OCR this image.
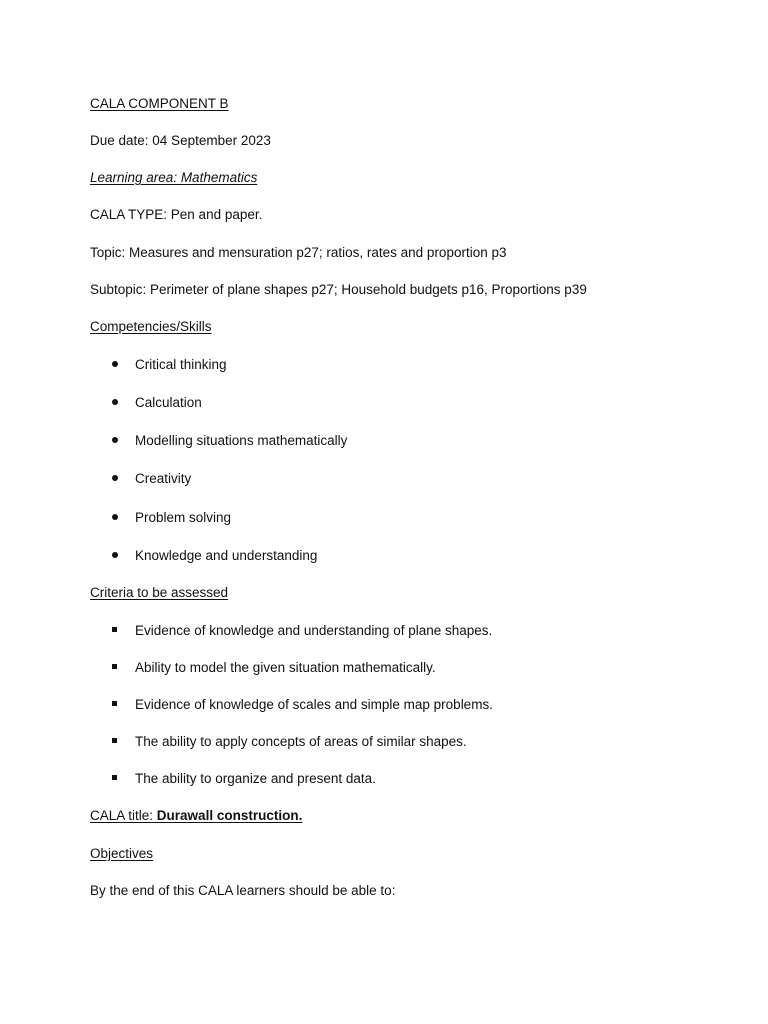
CALA COMPONENT B
Due date: 04 September 2023
Learning area: Mathematics
CALA TYPE: Pen and paper.
Topic: Measures and mensuration p27; ratios, rates and proportion p3
Subtopic: Perimeter of plane shapes p27; Household budgets p16, Proportions p39
Competencies/Skills
Critical thinking
Calculation
Modelling situations mathematically
Creativity
Problem solving
Knowledge and understanding
Criteria to be assessed
Evidence of knowledge and understanding of plane shapes.
Ability to model the given situation mathematically.
Evidence of knowledge of scales and simple map problems.
The ability to apply concepts of areas of similar shapes.
The ability to organize and present data.
CALA title: Durawall construction.
Objectives
By the end of this CALA learners should be able to:
